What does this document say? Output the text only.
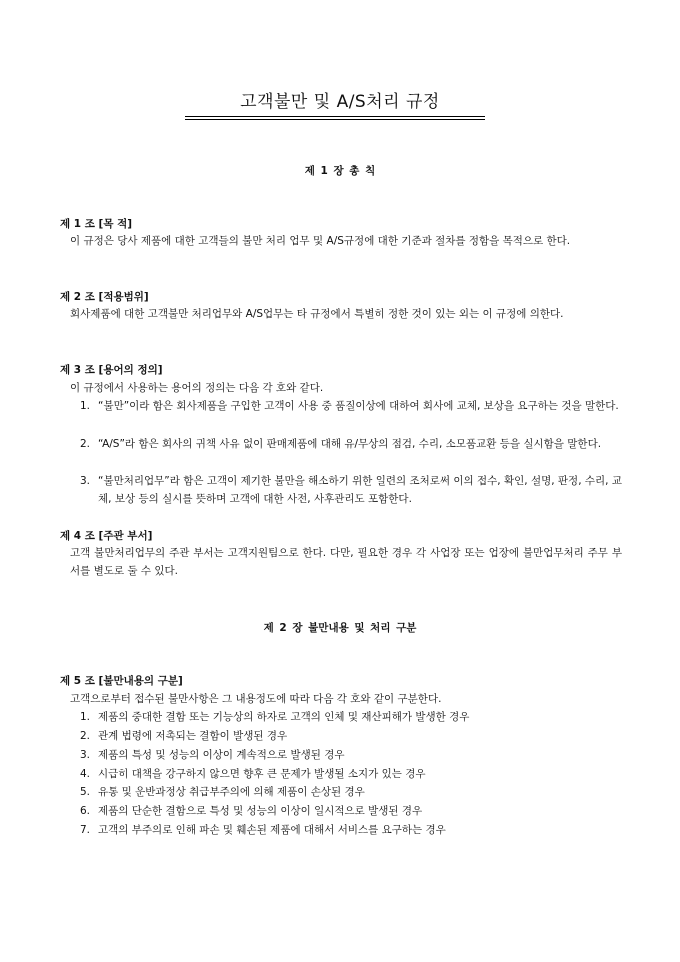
고객불만 및 A/S처리 규정
제 1 장 총 칙
제 1 조 [목 적]
이 규정은 당사 제품에 대한 고객들의 불만 처리 업무 및 A/S규정에 대한 기준과 절차를 정함을 목적으로 한다.
제 2 조 [적용범위]
회사제품에 대한 고객불만 처리업무와 A/S업무는 타 규정에서 특별히 정한 것이 있는 외는 이 규정에 의한다.
제 3 조 [용어의 정의]
이 규정에서 사용하는 용어의 정의는 다음 각 호와 같다.
1. “불만”이라 함은 회사제품을 구입한 고객이 사용 중 품질이상에 대하여 회사에 교체, 보상을 요구하는 것을 말한다.
2. “A/S”라 함은 회사의 귀책 사유 없이 판매제품에 대해 유/무상의 점검, 수리, 소모품교환 등을 실시함을 말한다.
3. “불만처리업무”라 함은 고객이 제기한 불만을 해소하기 위한 일련의 조처로써 이의 접수, 확인, 설명, 판정, 수리, 교체, 보상 등의 실시를 뜻하며 고객에 대한 사전, 사후관리도 포함한다.
제 4 조 [주관 부서]
고객 불만처리업무의 주관 부서는 고객지원팀으로 한다. 다만, 필요한 경우 각 사업장 또는 업장에 불만업무처리 주무 부서를 별도로 둘 수 있다.
제 2 장 불만내용 및 처리 구분
제 5 조 [불만내용의 구분]
고객으로부터 접수된 불만사항은 그 내용정도에 따라 다음 각 호와 같이 구분한다.
1. 제품의 중대한 결함 또는 기능상의 하자로 고객의 인체 및 재산피해가 발생한 경우
2. 관계 법령에 저촉되는 결함이 발생된 경우
3. 제품의 특성 및 성능의 이상이 계속적으로 발생된 경우
4. 시급히 대책을 강구하지 않으면 향후 큰 문제가 발생될 소지가 있는 경우
5. 유통 및 운반과정상 취급부주의에 의해 제품이 손상된 경우
6. 제품의 단순한 결함으로 특성 및 성능의 이상이 일시적으로 발생된 경우
7. 고객의 부주의로 인해 파손 및 훼손된 제품에 대해서 서비스를 요구하는 경우
